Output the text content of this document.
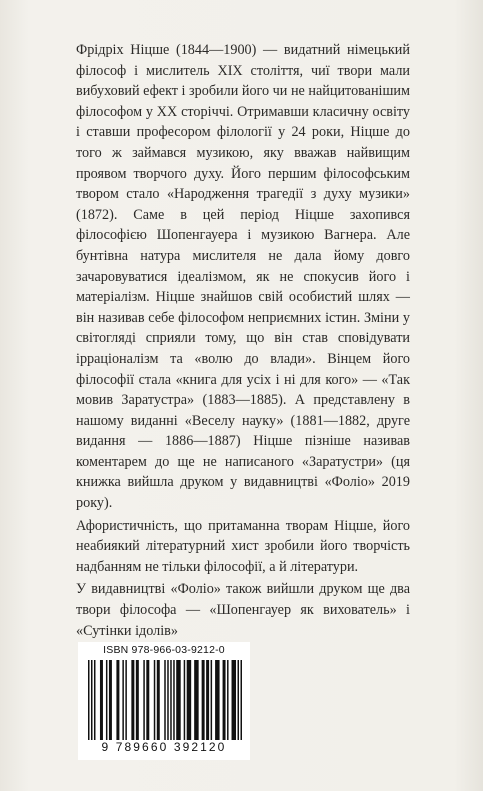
Фрідріх Ніцше (1844—1900) — видатний німецький філософ і мислитель XIX століття, чиї твори мали вибуховий ефект і зробили його чи не найцитованішим філософом у XX сторіччі. Отримавши класичну освіту і ставши професором філології у 24 роки, Ніцше до того ж займався музикою, яку вважав найвищим проявом творчого духу. Його першим філософським твором стало «Народження трагедії з духу музики» (1872). Саме в цей період Ніцше захопився філософією Шопенгауера і музикою Вагнера. Але бунтівна натура мислителя не дала йому довго зачаровуватися ідеалізмом, як не спокусив його і матеріалізм. Ніцше знайшов свій особистий шлях — він називав себе філософом неприємних істин. Зміни у світогляді сприяли тому, що він став сповідувати ірраціоналізм та «волю до влади». Вінцем його філософії стала «книга для усіх і ні для кого» — «Так мовив Заратустра» (1883—1885). А представлену в нашому виданні «Веселу науку» (1881—1882, друге видання — 1886—1887) Ніцше пізніше називав коментарем до ще не написаного «Заратустри» (ця книжка вийшла друком у видавництві «Фоліо» 2019 року).

Афористичність, що притаманна творам Ніцше, його неабиякий літературний хист зробили його творчість надбанням не тільки філософії, а й літератури.

У видавництві «Фоліо» також вийшли друком ще два твори філософа — «Шопенгауер як вихователь» і «Сутінки ідолів»

ISBN 978-966-03-9212-0
9 789660 392120
